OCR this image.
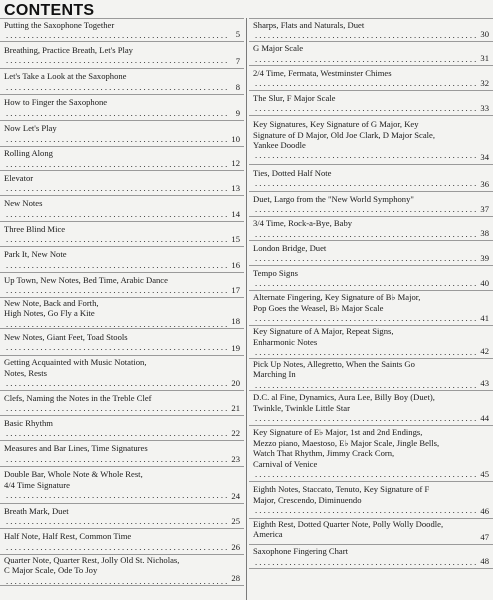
CONTENTS
Putting the Saxophone Together . . .
5
Breathing, Practice Breath, Let's Play . . .
7
Let's Take a Look at the Saxophone . . .
8
How to Finger the Saxophone . . .
9
Now Let's Play . . .
10
Rolling Along . . .
12
Elevator . . .
13
New Notes . . .
14
Three Blind Mice . . .
15
Park It, New Note . . .
16
Up Town, New Notes, Bed Time, Arabic Dance . . .
17
New Note, Back and Forth,
High Notes, Go Fly a Kite . . .
18
New Notes, Giant Feet, Toad Stools . . .
19
Getting Acquainted with Music Notation,
Notes, Rests . . .
20
Clefs, Naming the Notes in the Treble Clef . . .
21
Basic Rhythm . . .
22
Measures and Bar Lines, Time Signatures . . .
23
Double Bar, Whole Note & Whole Rest,
4/4 Time Signature . . .
24
Breath Mark, Duet . . .
25
Half Note, Half Rest, Common Time . . .
26
Quarter Note, Quarter Rest, Jolly Old St. Nicholas,
C Major Scale, Ode To Joy . . .
28
Sharps, Flats and Naturals, Duet . . .
30
G Major Scale . . .
31
2/4 Time, Fermata, Westminster Chimes . . .
32
The Slur, F Major Scale . . .
33
Key Signatures, Key Signature of G Major, Key
Signature of D Major, Old Joe Clark, D Major Scale,
Yankee Doodle . . .
34
Ties, Dotted Half Note . . .
36
Duet, Largo from the "New World Symphony" . . .
37
3/4 Time, Rock-a-Bye, Baby . . .
38
London Bridge, Duet . . .
39
Tempo Signs . . .
40
Alternate Fingering, Key Signature of B♭ Major,
Pop Goes the Weasel, B♭ Major Scale . . .
41
Key Signature of A Major, Repeat Signs,
Enharmonic Notes . . .
42
Pick Up Notes, Allegretto, When the Saints Go
Marching In . . .
43
D.C. al Fine, Dynamics, Aura Lee, Billy Boy (Duet),
Twinkle, Twinkle Little Star . . .
44
Key Signature of E♭ Major, 1st and 2nd Endings,
Mezzo piano, Maestoso, E♭ Major Scale, Jingle Bells,
Watch That Rhythm, Jimmy Crack Corn,
Carnival of Venice . . .
45
Eighth Notes, Staccato, Tenuto, Key Signature of F
Major, Crescendo, Diminuendo . . .
46
Eighth Rest, Dotted Quarter Note, Polly Wolly Doodle,
America . . .	47
Saxophone Fingering Chart . . .
48
